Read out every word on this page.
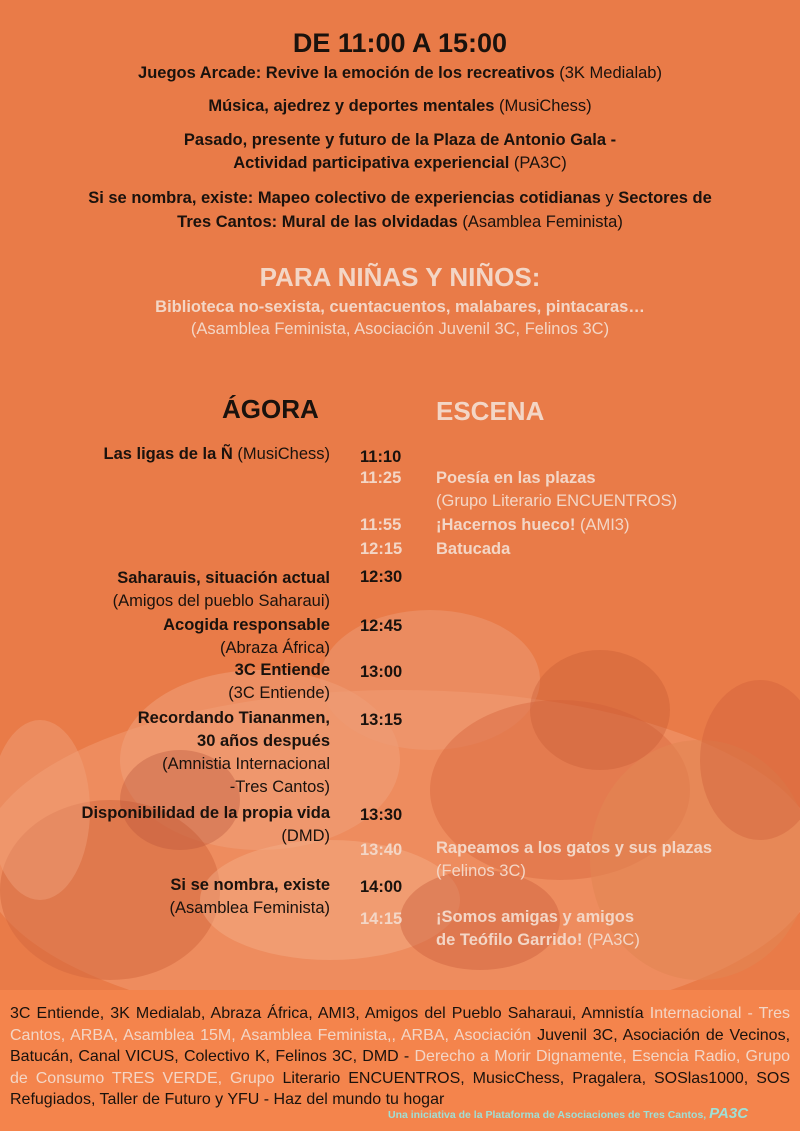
DE 11:00 A 15:00
Juegos Arcade: Revive la emoción de los recreativos (3K Medialab)
Música, ajedrez y deportes mentales (MusiChess)
Pasado, presente y futuro de la Plaza de Antonio Gala -
Actividad participativa experiencial (PA3C)
Si se nombra, existe: Mapeo colectivo de experiencias cotidianas y Sectores de
Tres Cantos: Mural de las olvidadas (Asamblea Feminista)
PARA NIÑAS Y NIÑOS:
Biblioteca no-sexista, cuentacuentos, malabares, pintacaras…
(Asamblea Feminista, Asociación Juvenil 3C, Felinos 3C)
ÁGORA	ESCENA
Las ligas de la Ñ (MusiChess)
Saharauis, situación actual
(Amigos del pueblo Saharaui)
Acogida responsable
(Abraza África)
3C Entiende
(3C Entiende)
Recordando Tiananmen,
30 años después
(Amnistia Internacional
-Tres Cantos)
Disponibilidad de la propia vida
(DMD)
Si se nombra, existe
(Asamblea Feminista)
11:10
11:25
11:55
12:15
12:30
12:45
13:00
13:15
13:30
13:40
14:00
14:15
Poesía en las plazas
(Grupo Literario ENCUENTROS)
¡Hacernos hueco! (AMI3)
Batucada
Rapeamos a los gatos y sus plazas
(Felinos 3C)
¡Somos amigas y amigos
de Teófilo Garrido! (PA3C)
3C Entiende, 3K Medialab, Abraza África, AMI3, Amigos del Pueblo Saharaui, Amnistía Internacional - Tres Cantos, ARBA, Asamblea 15M, Asamblea Feminista,, ARBA, Asociación Juvenil 3C, Asociación de Vecinos, Batucán, Canal VICUS, Colectivo K, Felinos 3C, DMD - Derecho a Morir Dignamente, Esencia Radio, Grupo de Consumo TRES VERDE, Grupo Literario ENCUENTROS, MusicChess, Pragalera, SOSlas1000, SOS Refugiados, Taller de Futuro y YFU - Haz del mundo tu hogar
Una iniciativa de la Plataforma de Asociaciones de Tres Cantos, PA3C
